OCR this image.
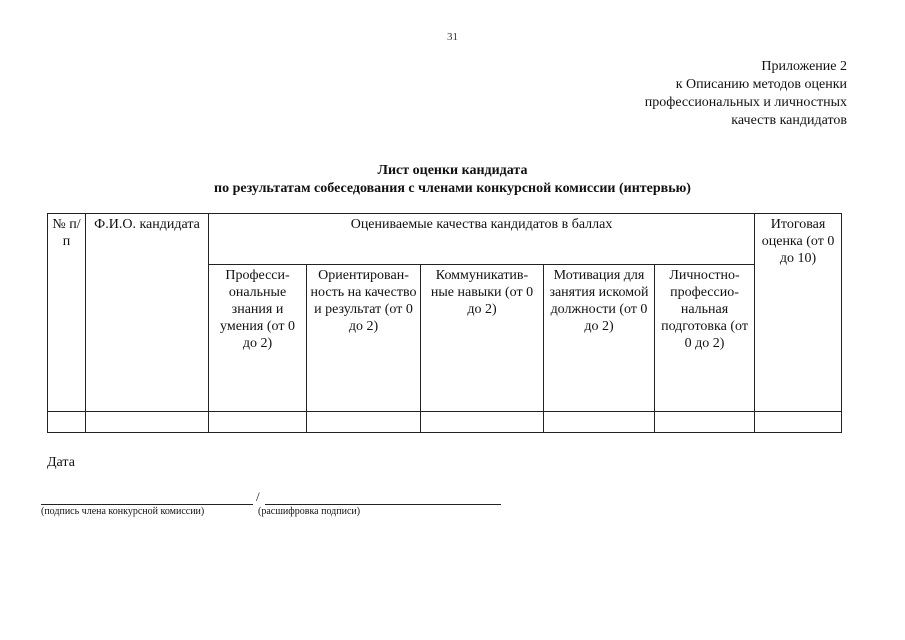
31
Приложение 2
к Описанию методов оценки
профессиональных и личностных
качеств кандидатов
Лист оценки кандидата
по результатам собеседования с членами конкурсной комиссии (интервью)
№ п/п	Ф.И.О. кандидата	Оцениваемые качества кандидатов в баллах					Итоговая оценка (от 0 до 10)
		Професси- ональные знания и умения (от 0 до 2)	Ориентирован- ность на качество и результат (от 0 до 2)	Коммуникатив- ные навыки (от 0 до 2)	Мотивация для занятия искомой должности (от 0 до 2)	Личностно- профессио- нальная подготовка (от 0 до 2)	

Дата
/
(подпись члена конкурсной комиссии)	(расшифровка подписи)
